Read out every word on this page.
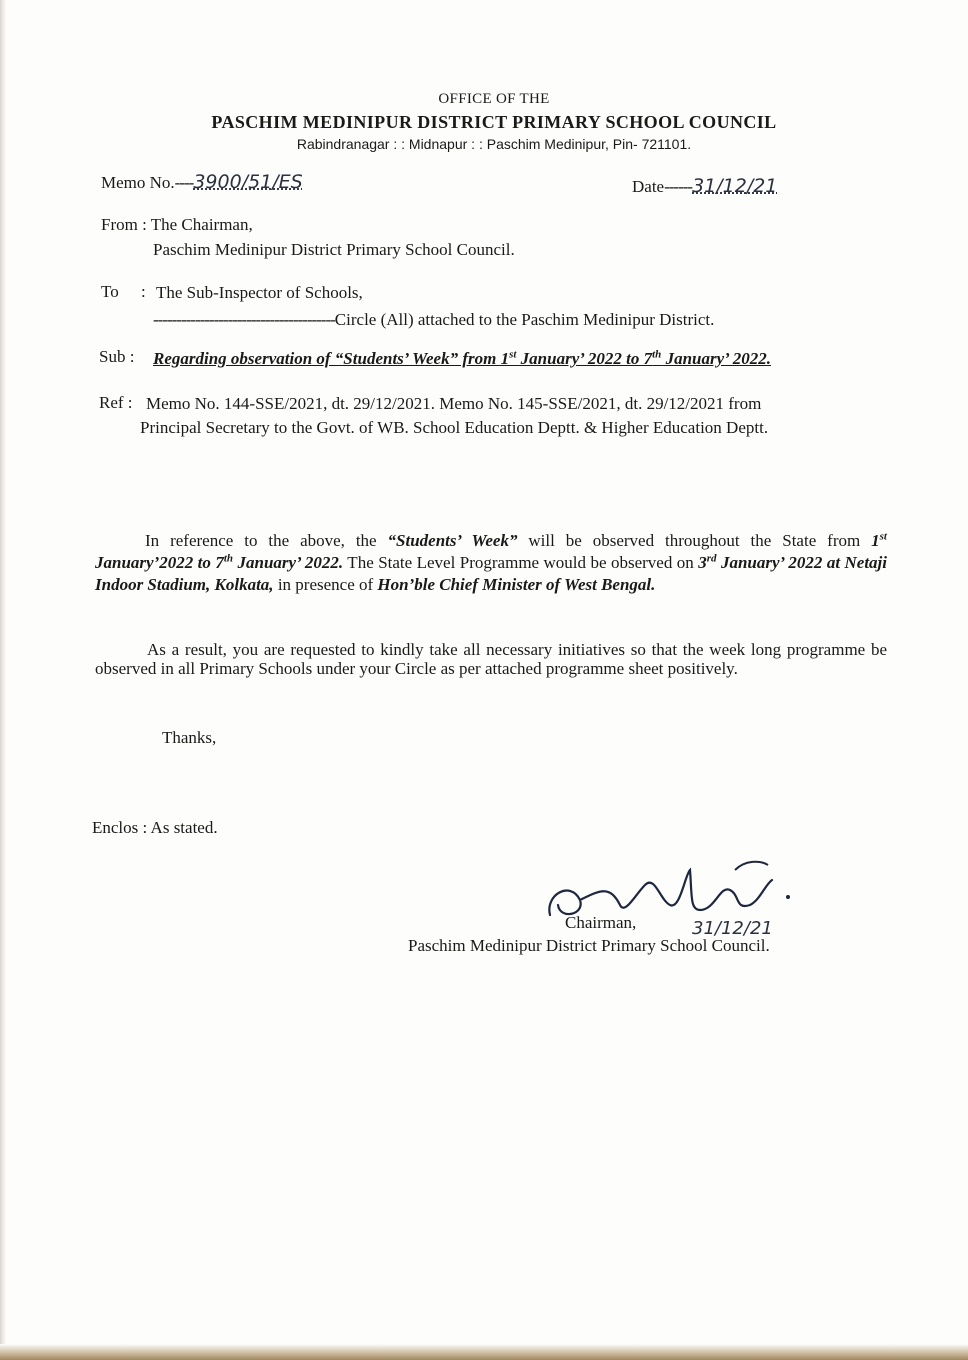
OFFICE OF THE
PASCHIM MEDINIPUR DISTRICT PRIMARY SCHOOL COUNCIL
Rabindranagar : : Midnapur : : Paschim Medinipur, Pin- 721101.
Memo No.----3900/51/ES	Date------31/12/21
From : The Chairman,
Paschim Medinipur District Primary School Council.
To : The Sub-Inspector of Schools,
---------------------------------------Circle (All) attached to the Paschim Medinipur District.
Sub : Regarding observation of “Students’ Week” from 1st January’ 2022 to 7th January’ 2022.
Ref : Memo No. 144-SSE/2021, dt. 29/12/2021. Memo No. 145-SSE/2021, dt. 29/12/2021 from
Principal Secretary to the Govt. of WB. School Education Deptt. & Higher Education Deptt.
In reference to the above, the “Students’ Week” will be observed throughout the State from 1st January’2022 to 7th January’ 2022. The State Level Programme would be observed on 3rd January’ 2022 at Netaji Indoor Stadium, Kolkata, in presence of Hon’ble Chief Minister of West Bengal.
As a result, you are requested to kindly take all necessary initiatives so that the week long programme be observed in all Primary Schools under your Circle as per attached programme sheet positively.
Thanks,
Enclos : As stated.
Chairman,	31/12/21
Paschim Medinipur District Primary School Council.
